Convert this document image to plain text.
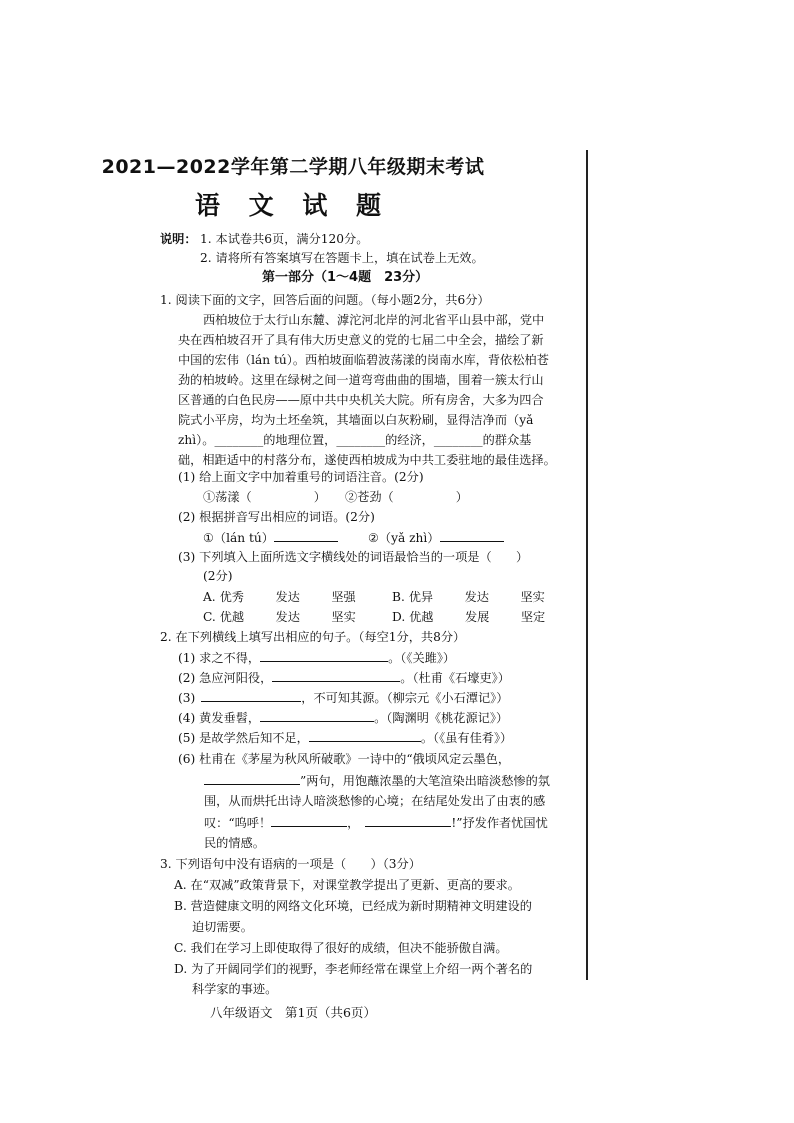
2021—2022学年第二学期八年级期末考试
语 文 试 题
说明： 1. 本试卷共6页，满分120分。
2. 请将所有答案填写在答题卡上，填在试卷上无效。
第一部分（1～4题　23分）
1. 阅读下面的文字，回答后面的问题。（每小题2分，共6分）
西柏坡位于太行山东麓、滹沱河北岸的河北省平山县中部，党中
央在西柏坡召开了具有伟大历史意义的党的七届二中全会，描绘了新
中国的宏伟（lán tú）。西柏坡面临碧波荡漾的岗南水库，背依松柏苍
劲的柏坡岭。这里在绿树之间一道弯弯曲曲的围墙，围着一簇太行山
区普通的白色民房——原中共中央机关大院。所有房舍，大多为四合
院式小平房，均为土坯垒筑，其墙面以白灰粉刷，显得洁净而（yǎ
zhì）。________的地理位置，________的经济，________的群众基
础，相距适中的村落分布，遂使西柏坡成为中共工委驻地的最佳选择。
(1) 给上面文字中加着重号的词语注音。(2分)
①荡漾（	） ②苍劲（	）
(2) 根据拼音写出相应的词语。(2分)
①（lán tú）	②（yǎ zhì）
(3) 下列填入上面所选文字横线处的词语最恰当的一项是（　　）
(2分)
A. 优秀	发达	坚强	B. 优异	发达	坚实
C. 优越	发达	坚实	D. 优越	发展	坚定
2. 在下列横线上填写出相应的句子。（每空1分，共8分）
(1) 求之不得，	。（《关雎》）
(2) 急应河阳役，	。（杜甫《石壕吏》）
(3)	，不可知其源。（柳宗元《小石潭记》）
(4) 黄发垂髫，	。（陶渊明《桃花源记》）
(5) 是故学然后知不足，	。（《虽有佳肴》）
(6) 杜甫在《茅屋为秋风所破歌》一诗中的“俄顷风定云墨色，
”两句，用饱蘸浓墨的大笔渲染出暗淡愁惨的氛
围，从而烘托出诗人暗淡愁惨的心境；在结尾处发出了由衷的感
叹：“呜呼！	，	!”抒发作者忧国忧
民的情感。
3. 下列语句中没有语病的一项是（　　）（3分）
A. 在“双减”政策背景下，对课堂教学提出了更新、更高的要求。
B. 营造健康文明的网络文化环境，已经成为新时期精神文明建设的
迫切需要。
C. 我们在学习上即使取得了很好的成绩，但决不能骄傲自满。
D. 为了开阔同学们的视野，李老师经常在课堂上介绍一两个著名的
科学家的事迹。
八年级语文　第1页（共6页）
